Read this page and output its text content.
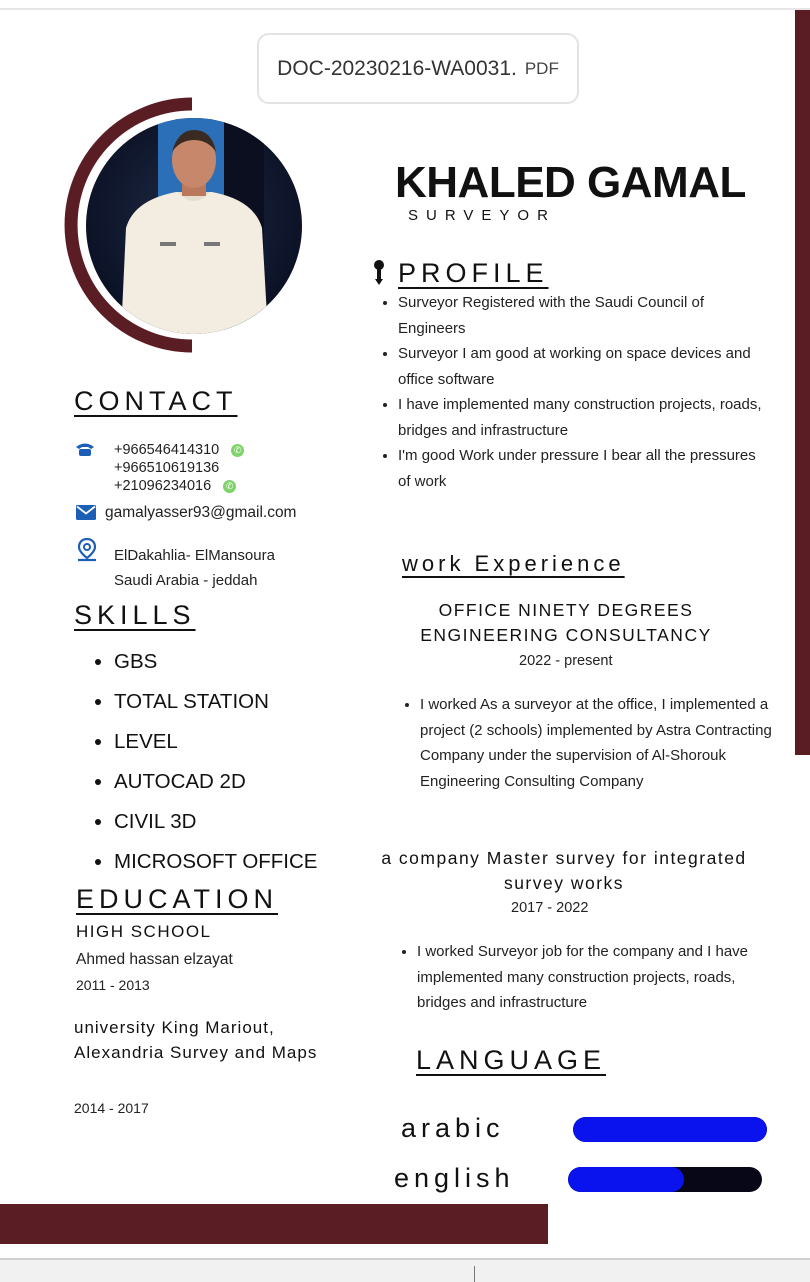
DOC-20230216-WA0031. PDF
KHALED GAMAL
SURVEYOR
PROFILE
• Surveyor Registered with the Saudi Council of Engineers
• Surveyor I am good at working on space devices and office software
• I have implemented many construction projects, roads, bridges and infrastructure
• I'm good Work under pressure I bear all the pressures of work
CONTACT
+966546414310 ✆
+966510619136
+21096234016 ✆
gamalyasser93@gmail.com
ElDakahlia- ElMansoura
Saudi Arabia - jeddah
SKILLS
• GBS
• TOTAL STATION
• LEVEL
• AUTOCAD 2D
• CIVIL 3D
• MICROSOFT OFFICE
EDUCATION
HIGH SCHOOL
Ahmed hassan elzayat
2011 - 2013
university King Mariout, Alexandria Survey and Maps
2014 - 2017
work Experience
OFFICE NINETY DEGREES ENGINEERING CONSULTANCY
2022 - present
• I worked As a surveyor at the office, I implemented a project (2 schools) implemented by Astra Contracting Company under the supervision of Al-Shorouk Engineering Consulting Company
a company Master survey for integrated survey works
2017 - 2022
• I worked Surveyor job for the company and I have implemented many construction projects, roads, bridges and infrastructure
LANGUAGE
arabic
english
